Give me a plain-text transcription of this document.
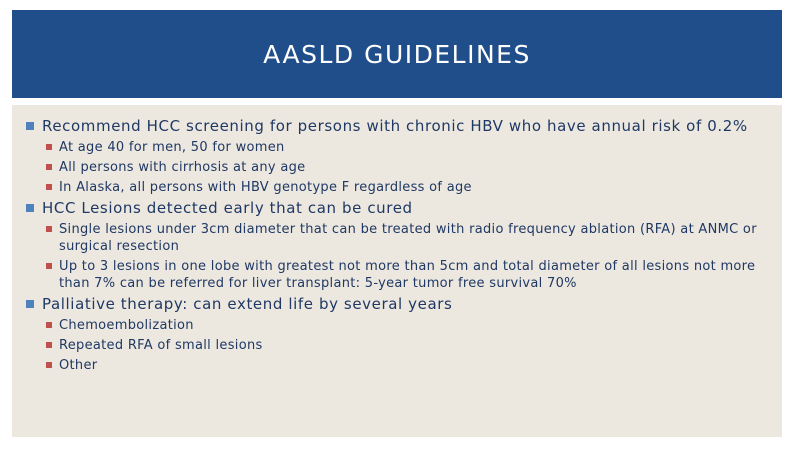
AASLD GUIDELINES
Recommend HCC screening for persons with chronic HBV who have annual risk of 0.2%
At age 40 for men, 50 for women
All persons with cirrhosis at any age
In Alaska, all persons with HBV genotype F regardless of age
HCC Lesions detected early that can be cured
Single lesions under 3cm diameter that can be treated with radio frequency ablation (RFA) at ANMC or surgical resection
Up to 3 lesions in one lobe with greatest not more than 5cm and total diameter of all lesions not more than 7% can be referred for liver transplant: 5-year tumor free survival 70%
Palliative therapy: can extend life by several years
Chemoembolization
Repeated RFA of small lesions
Other
